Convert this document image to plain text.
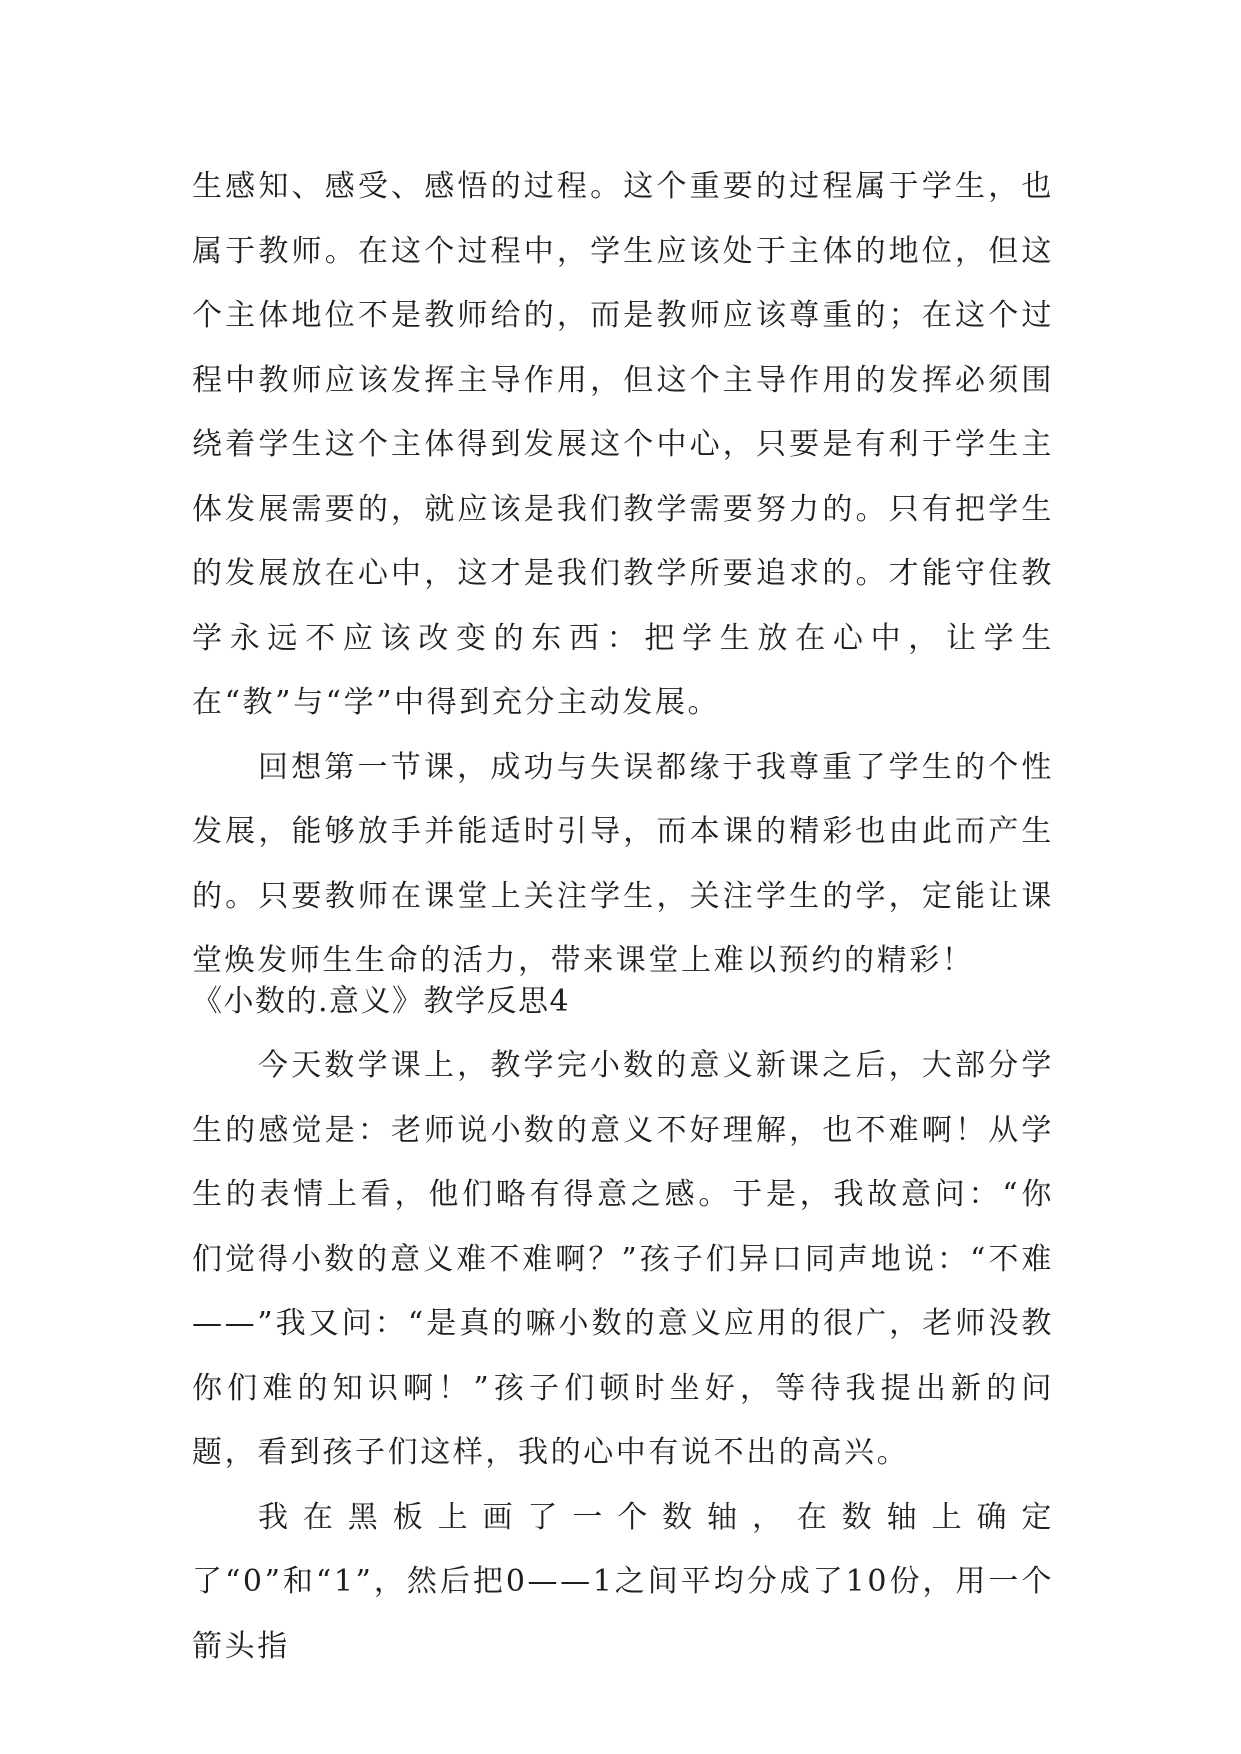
生感知、感受、感悟的过程。这个重要的过程属于学生，也属于教师。在这个过程中，学生应该处于主体的地位，但这个主体地位不是教师给的，而是教师应该尊重的；在这个过程中教师应该发挥主导作用，但这个主导作用的发挥必须围绕着学生这个主体得到发展这个中心，只要是有利于学生主体发展需要的，就应该是我们教学需要努力的。只有把学生的发展放在心中，这才是我们教学所要追求的。才能守住教学永远不应该改变的东西：把学生放在心中，让学生在“教”与“学”中得到充分主动发展。

回想第一节课，成功与失误都缘于我尊重了学生的个性发展，能够放手并能适时引导，而本课的精彩也由此而产生的。只要教师在课堂上关注学生，关注学生的学，定能让课堂焕发师生生命的活力，带来课堂上难以预约的精彩！

《小数的.意义》教学反思4

今天数学课上，教学完小数的意义新课之后，大部分学生的感觉是：老师说小数的意义不好理解，也不难啊！从学生的表情上看，他们略有得意之感。于是，我故意问：“你们觉得小数的意义难不难啊？”孩子们异口同声地说：“不难——”我又问：“是真的嘛小数的意义应用的很广，老师没教你们难的知识啊！”孩子们顿时坐好，等待我提出新的问题，看到孩子们这样，我的心中有说不出的高兴。

我在黑板上画了一个数轴，在数轴上确定了“0”和“1”，然后把0——1之间平均分成了10份，用一个箭头指
